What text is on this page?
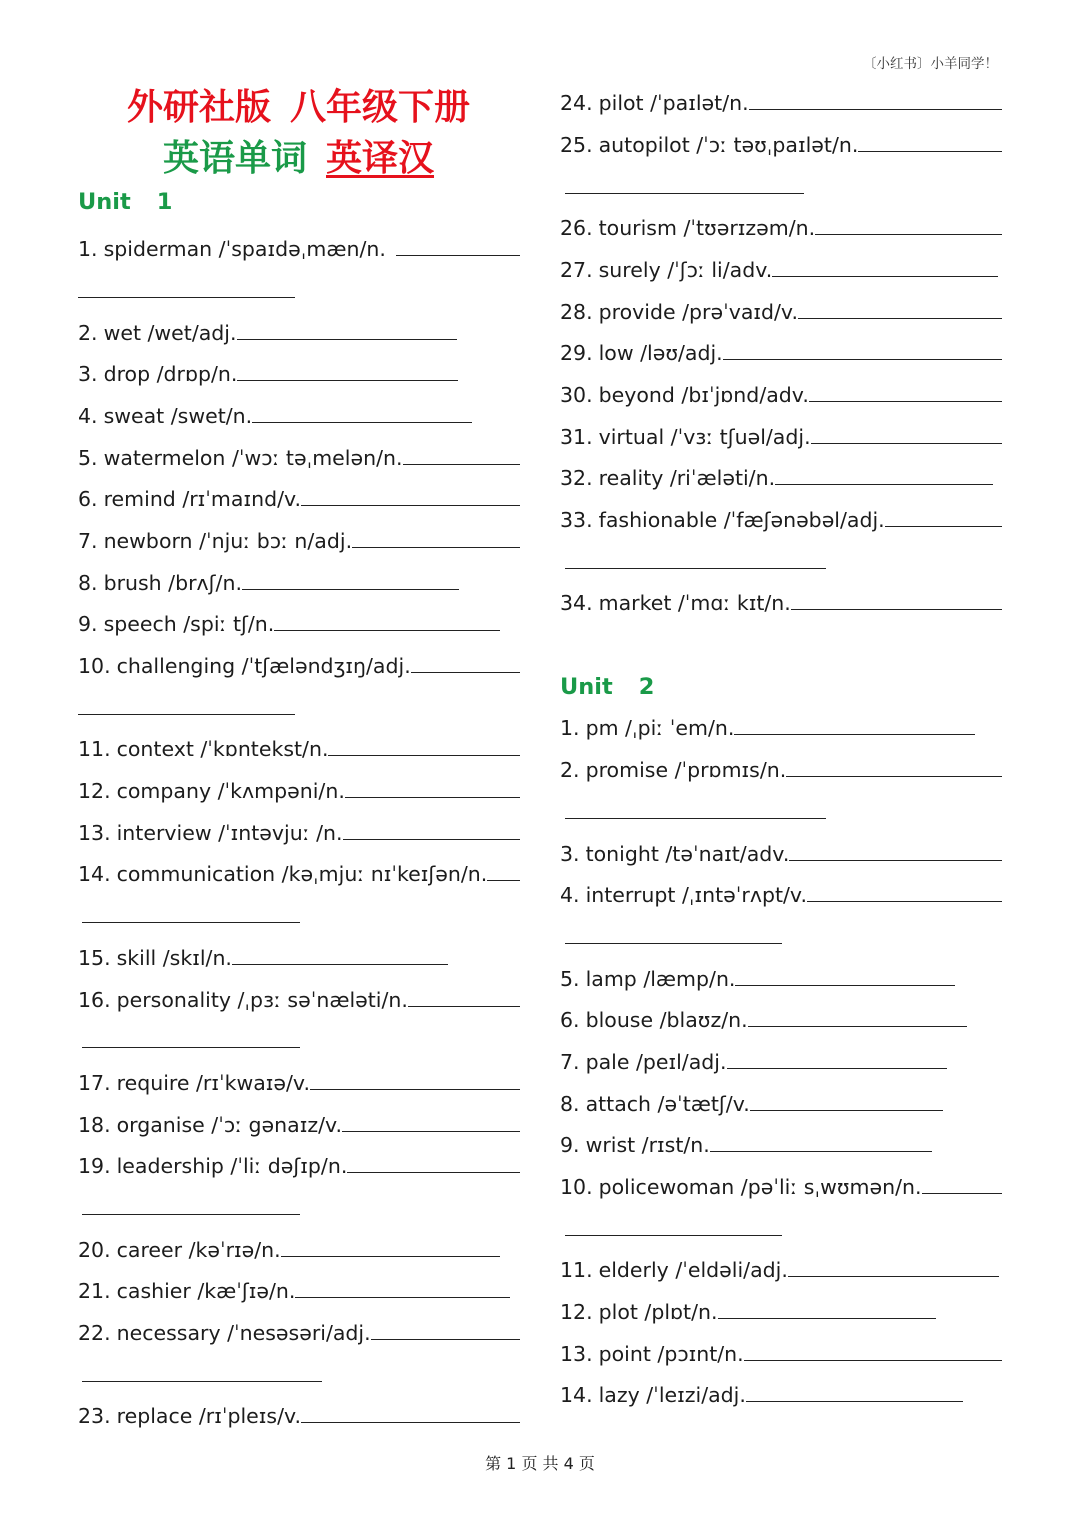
〔小红书〕小羊同学！
外研社版 八年级下册
英语单词 英译汉
Unit 1
1. spiderman /ˈspaɪdəˌmæn/n.
2. wet /wet/adj.
3. drop /drɒp/n.
4. sweat /swet/n.
5. watermelon /ˈwɔː təˌmelən/n.
6. remind /rɪˈmaɪnd/v.
7. newborn /ˈnjuː bɔː n/adj.
8. brush /brʌʃ/n.
9. speech /spiː tʃ/n.
10. challenging /ˈtʃæləndʒɪŋ/adj.
11. context /ˈkɒntekst/n.
12. company /ˈkʌmpəni/n.
13. interview /ˈɪntəvjuː /n.
14. communication /kəˌmjuː nɪˈkeɪʃən/n.
15. skill /skɪl/n.
16. personality /ˌpɜː səˈnæləti/n.
17. require /rɪˈkwaɪə/v.
18. organise /ˈɔː gənaɪz/v.
19. leadership /ˈliː dəʃɪp/n.
20. career /kəˈrɪə/n.
21. cashier /kæˈʃɪə/n.
22. necessary /ˈnesəsəri/adj.
23. replace /rɪˈpleɪs/v.
24. pilot /ˈpaɪlət/n.
25. autopilot /ˈɔː təʊˌpaɪlət/n.
26. tourism /ˈtʊərɪzəm/n.
27. surely /ˈʃɔː li/adv.
28. provide /prəˈvaɪd/v.
29. low /ləʊ/adj.
30. beyond /bɪˈjɒnd/adv.
31. virtual /ˈvɜː tʃuəl/adj.
32. reality /riˈæləti/n.
33. fashionable /ˈfæʃənəbəl/adj.
34. market /ˈmɑː kɪt/n.
Unit 2
1. pm /ˌpiː ˈem/n.
2. promise /ˈprɒmɪs/n.
3. tonight /təˈnaɪt/adv.
4. interrupt /ˌɪntəˈrʌpt/v.
5. lamp /læmp/n.
6. blouse /blaʊz/n.
7. pale /peɪl/adj.
8. attach /əˈtætʃ/v.
9. wrist /rɪst/n.
10. policewoman /pəˈliː sˌwʊmən/n.
11. elderly /ˈeldəli/adj.
12. plot /plɒt/n.
13. point /pɔɪnt/n.
14. lazy /ˈleɪzi/adj.
第 1 页 共 4 页
